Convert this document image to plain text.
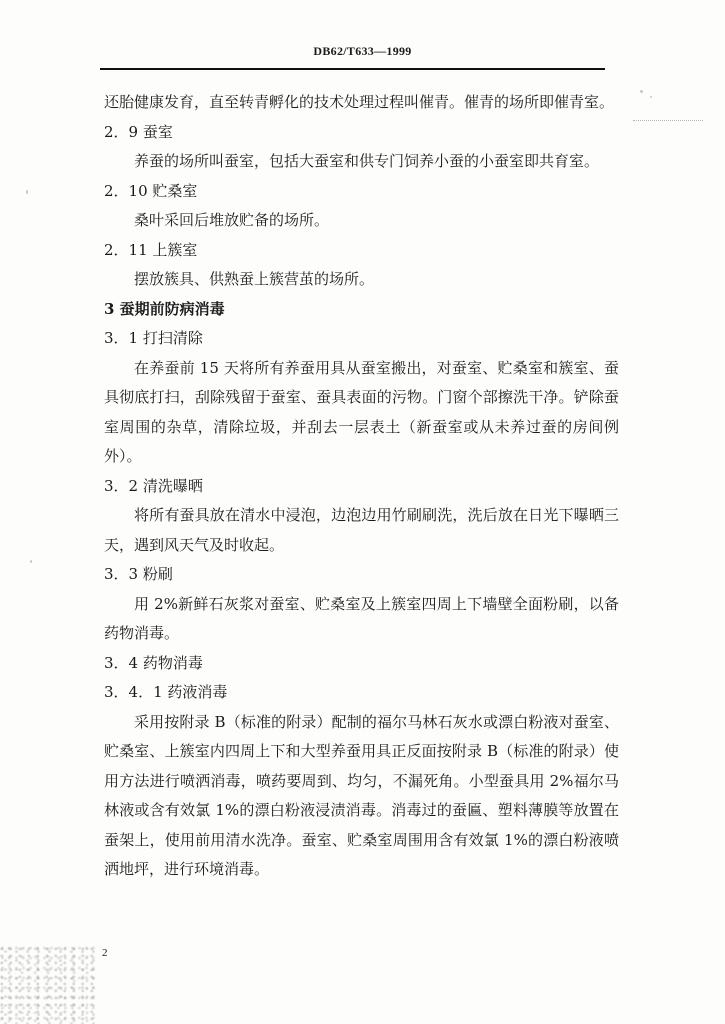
DB62/T633—1999

还胎健康发育，直至转青孵化的技术处理过程叫催青。催青的场所即催青室。

2．9 蚕室

养蚕的场所叫蚕室，包括大蚕室和供专门饲养小蚕的小蚕室即共育室。

2．10 贮桑室

桑叶采回后堆放贮备的场所。

2．11 上簇室

摆放簇具、供熟蚕上簇营茧的场所。

3 蚕期前防病消毒

3．1 打扫清除

在养蚕前 15 天将所有养蚕用具从蚕室搬出，对蚕室、贮桑室和簇室、蚕具彻底打扫，刮除残留于蚕室、蚕具表面的污物。门窗个部擦洗干净。铲除蚕室周围的杂草，清除垃圾，并刮去一层表土（新蚕室或从未养过蚕的房间例外）。

3．2 清洗曝晒

将所有蚕具放在清水中浸泡，边泡边用竹刷刷洗，洗后放在日光下曝晒三天，遇到风天气及时收起。

3．3 粉刷

用 2%新鲜石灰浆对蚕室、贮桑室及上簇室四周上下墙壁全面粉刷，以备药物消毒。

3．4 药物消毒

3．4．1 药液消毒

采用按附录 B（标准的附录）配制的福尔马林石灰水或漂白粉液对蚕室、贮桑室、上簇室内四周上下和大型养蚕用具正反面按附录 B（标准的附录）使用方法进行喷洒消毒，喷药要周到、均匀，不漏死角。小型蚕具用 2%福尔马林液或含有效氯 1%的漂白粉液浸渍消毒。消毒过的蚕匾、塑料薄膜等放置在蚕架上，使用前用清水洗净。蚕室、贮桑室周围用含有效氯 1%的漂白粉液喷洒地坪，进行环境消毒。

2
